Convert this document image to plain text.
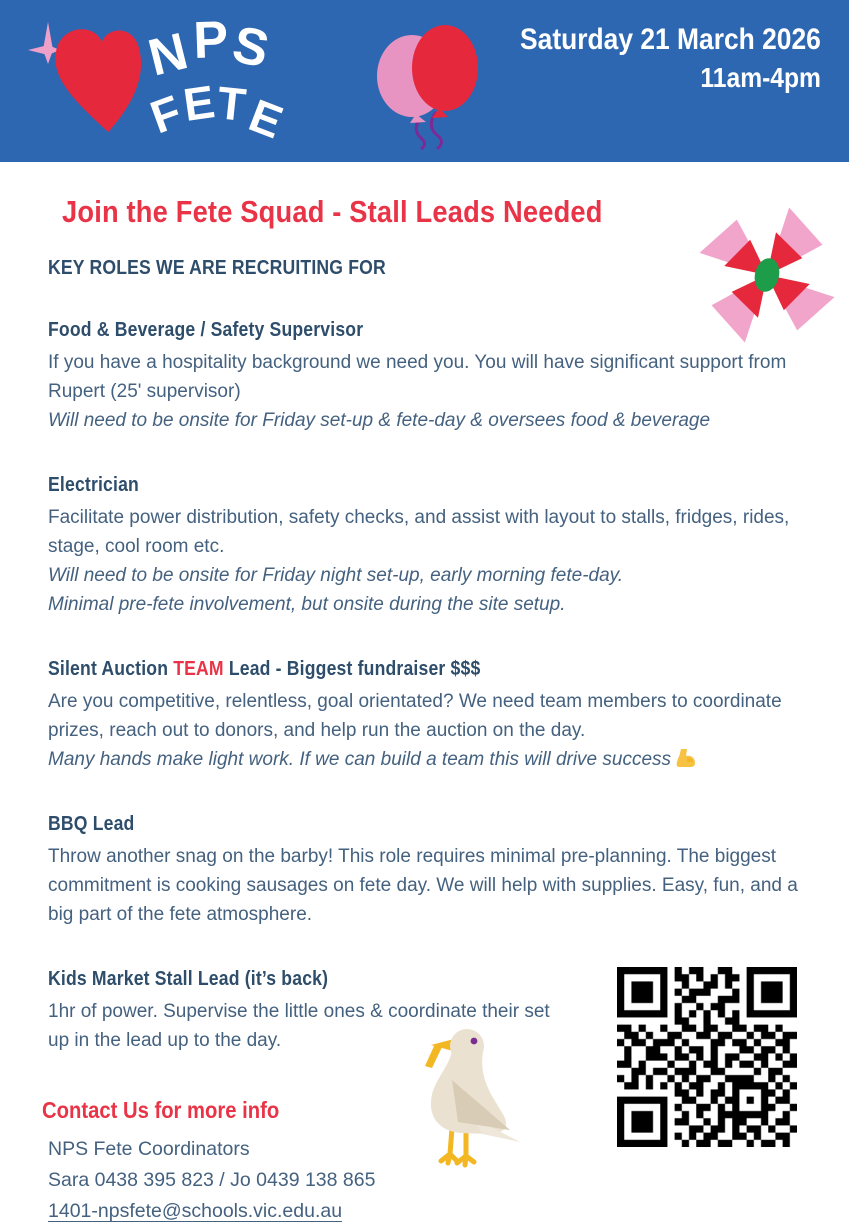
N P
S
F
E
T
E
Saturday 21 March 2026
11am-4pm
Join the Fete Squad - Stall Leads Needed
KEY ROLES WE ARE RECRUITING FOR
Food & Beverage / Safety Supervisor

If you have a hospitality background we need you. You will have significant support from Rupert (25' supervisor)

Will need to be onsite for Friday set-up & fete-day & oversees food & beverage

Electrician

Facilitate power distribution, safety checks, and assist with layout to stalls, fridges, rides, stage, cool room etc.

Will need to be onsite for Friday night set-up, early morning fete-day.

Minimal pre-fete involvement, but onsite during the site setup.

Silent Auction TEAM Lead - Biggest fundraiser $$$

Are you competitive, relentless, goal orientated? We need team members to coordinate prizes, reach out to donors, and help run the auction on the day.

Many hands make light work. If we can build a team this will drive success

BBQ Lead

Throw another snag on the barby! This role requires minimal pre-planning. The biggest commitment is cooking sausages on fete day. We will help with supplies. Easy, fun, and a big part of the fete atmosphere.

Kids Market Stall Lead (it’s back)

1hr of power. Supervise the little ones & coordinate their set up in the lead up to the day.

Contact Us for more info

NPS Fete Coordinators

Sara 0438 395 823 / Jo 0439 138 865

1401-npsfete@schools.vic.edu.au
